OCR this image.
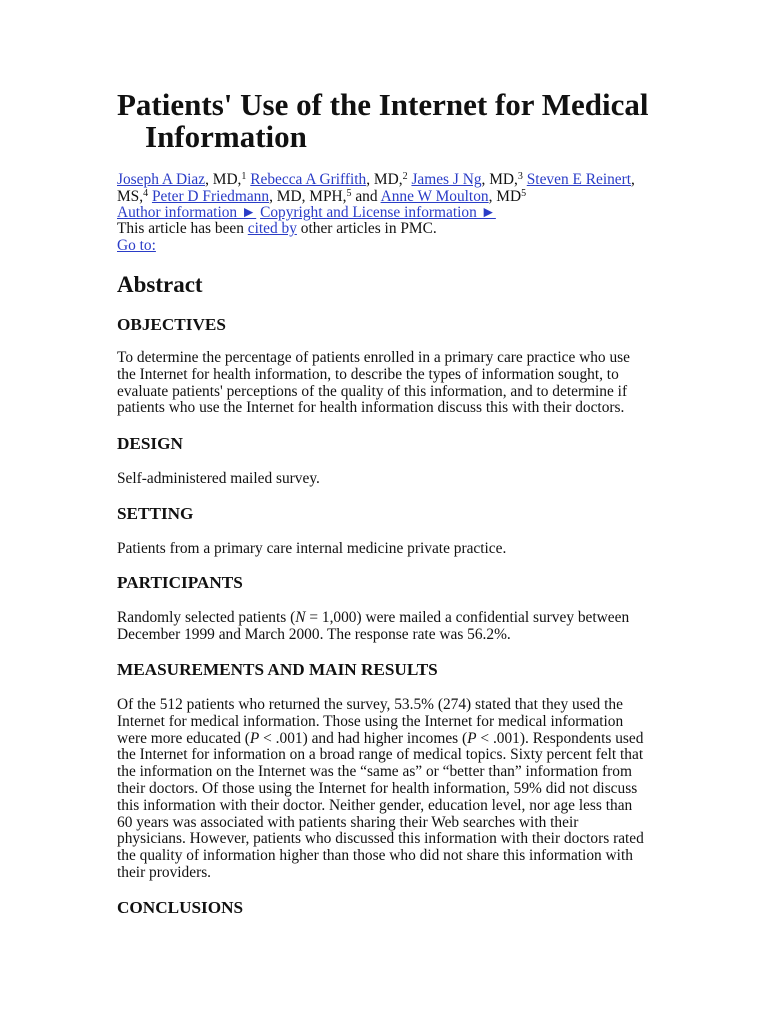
Patients' Use of the Internet for Medical Information

Joseph A Diaz, MD,$^1$ Rebecca A Griffith, MD,$^2$ James J Ng, MD,$^3$ Steven E Reinert, MS,$^4$ Peter D Friedmann, MD, MPH,$^5$ and Anne W Moulton, $MD^5$

Author information ► Copyright and License information ►
This article has been cited by other articles in PMC.
Go to:
Abstract
OBJECTIVES
To determine the percentage of patients enrolled in a primary care practice who use
the Internet for health information, to describe the types of information sought, to
evaluate patients' perceptions of the quality of this information, and to determine if
patients who use the Internet for health information discuss this with their doctors.
DESIGN
Self-administered mailed survey.
SETTING
Patients from a primary care internal medicine private practice.
PARTICIPANTS
Randomly selected patients (N = 1,000) were mailed a confidential survey between
December 1999 and March 2000. The response rate was 56.2%.
MEASUREMENTS AND MAIN RESULTS
Of the 512 patients who returned the survey, 53.5% (274) stated that they used the
Internet for medical information. Those using the Internet for medical information
were more educated (P < .001) and had higher incomes (P < .001). Respondents used
the Internet for information on a broad range of medical topics. Sixty percent felt that
the information on the Internet was the “same as” or “better than” information from
their doctors. Of those using the Internet for health information, 59% did not discuss
this information with their doctor. Neither gender, education level, nor age less than
60 years was associated with patients sharing their Web searches with their
physicians. However, patients who discussed this information with their doctors rated
the quality of information higher than those who did not share this information with
their providers.
CONCLUSIONS
